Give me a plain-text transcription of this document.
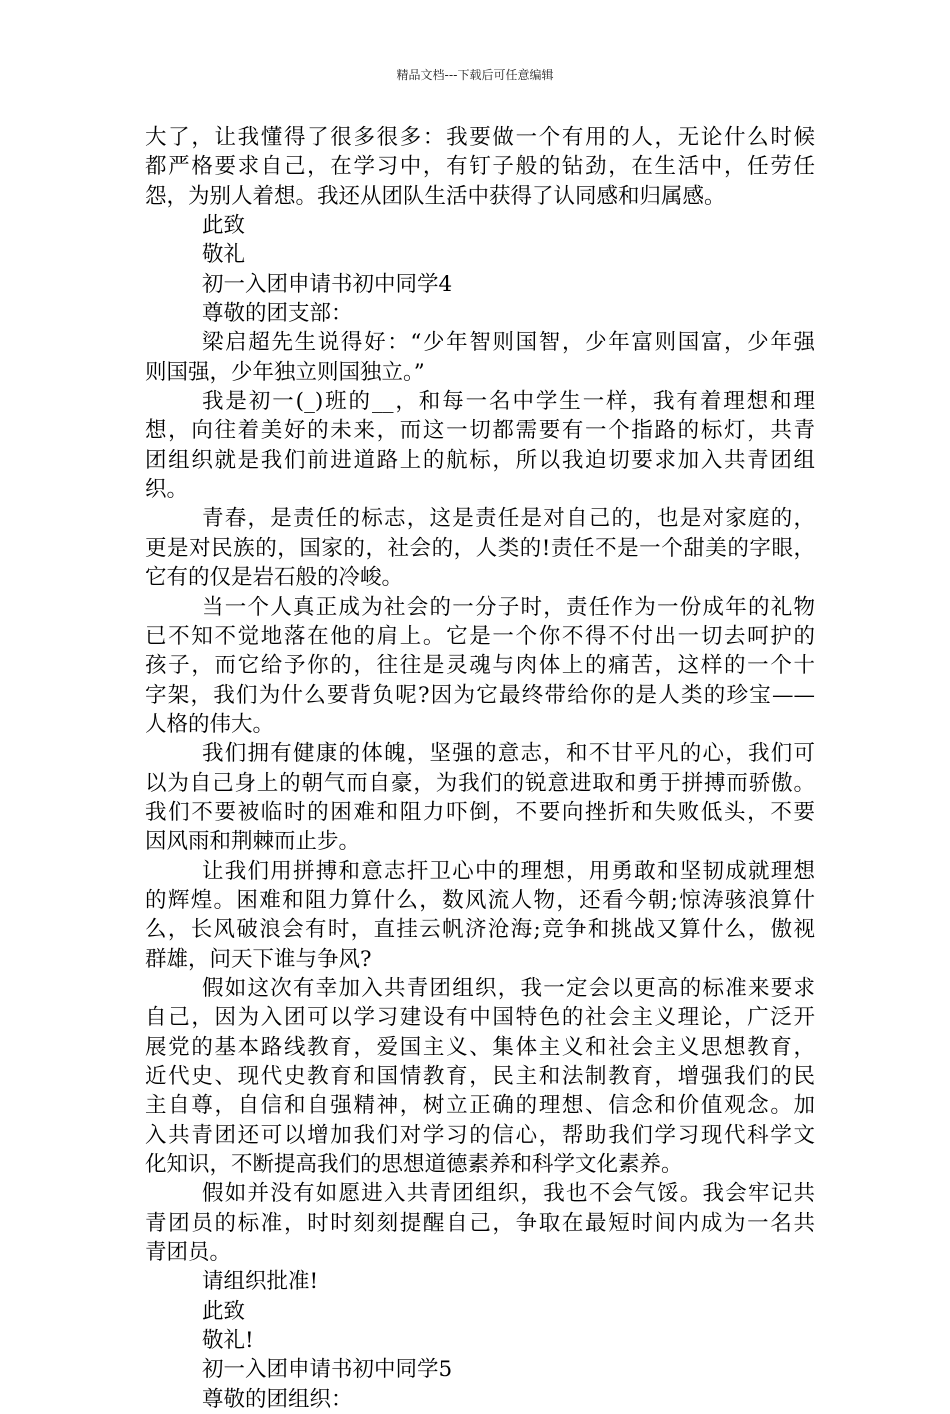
精品文档---下载后可任意编辑
大了，让我懂得了很多很多：我要做一个有用的人，无论什么时候
都严格要求自己，在学习中，有钉子般的钻劲，在生活中，任劳任
怨，为别人着想。我还从团队生活中获得了认同感和归属感。
此致
敬礼
初一入团申请书初中同学4
尊敬的团支部：
梁启超先生说得好：“少年智则国智，少年富则国富，少年强
则国强，少年独立则国独立。”
我是初一(_)班的__，和每一名中学生一样，我有着理想和理
想，向往着美好的未来，而这一切都需要有一个指路的标灯，共青
团组织就是我们前进道路上的航标，所以我迫切要求加入共青团组
织。
青春，是责任的标志，这是责任是对自己的，也是对家庭的，
更是对民族的，国家的，社会的，人类的!责任不是一个甜美的字眼，
它有的仅是岩石般的冷峻。
当一个人真正成为社会的一分子时，责任作为一份成年的礼物
已不知不觉地落在他的肩上。它是一个你不得不付出一切去呵护的
孩子，而它给予你的，往往是灵魂与肉体上的痛苦，这样的一个十
字架，我们为什么要背负呢?因为它最终带给你的是人类的珍宝——
人格的伟大。
我们拥有健康的体魄，坚强的意志，和不甘平凡的心，我们可
以为自己身上的朝气而自豪，为我们的锐意进取和勇于拼搏而骄傲。
我们不要被临时的困难和阻力吓倒，不要向挫折和失败低头，不要
因风雨和荆棘而止步。
让我们用拼搏和意志扞卫心中的理想，用勇敢和坚韧成就理想
的辉煌。困难和阻力算什么，数风流人物，还看今朝;惊涛骇浪算什
么，长风破浪会有时，直挂云帆济沧海;竞争和挑战又算什么，傲视
群雄，问天下谁与争风?
假如这次有幸加入共青团组织，我一定会以更高的标准来要求
自己，因为入团可以学习建设有中国特色的社会主义理论，广泛开
展党的基本路线教育，爱国主义、集体主义和社会主义思想教育，
近代史、现代史教育和国情教育，民主和法制教育，增强我们的民
主自尊，自信和自强精神，树立正确的理想、信念和价值观念。加
入共青团还可以增加我们对学习的信心，帮助我们学习现代科学文
化知识，不断提高我们的思想道德素养和科学文化素养。
假如并没有如愿进入共青团组织，我也不会气馁。我会牢记共
青团员的标准，时时刻刻提醒自己，争取在最短时间内成为一名共
青团员。
请组织批准!
此致
敬礼!
初一入团申请书初中同学5
尊敬的团组织：
